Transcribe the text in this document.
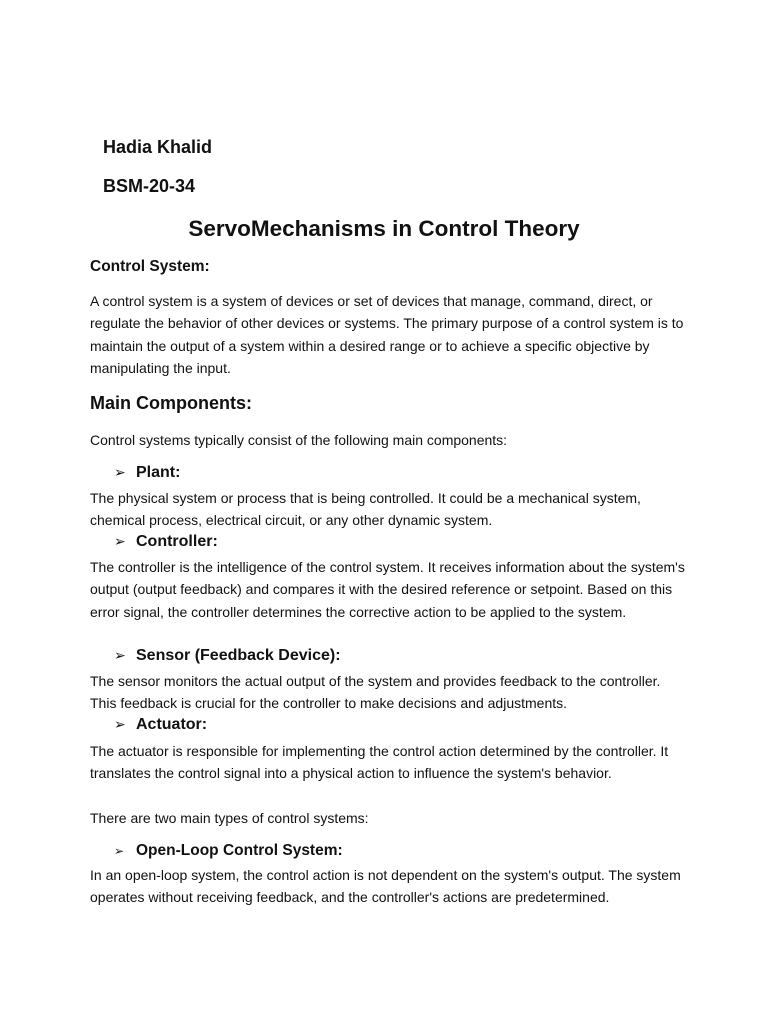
Hadia Khalid

BSM-20-34

ServoMechanisms in Control Theory
Control System:

A control system is a system of devices or set of devices that manage, command, direct, or regulate the behavior of other devices or systems. The primary purpose of a control system is to maintain the output of a system within a desired range or to achieve a specific objective by manipulating the input.

Main Components:

Control systems typically consist of the following main components:

➢ Plant:

The physical system or process that is being controlled. It could be a mechanical system, chemical process, electrical circuit, or any other dynamic system.

➢ Controller:

The controller is the intelligence of the control system. It receives information about the system's output (output feedback) and compares it with the desired reference or setpoint. Based on this error signal, the controller determines the corrective action to be applied to the system.

➢ Sensor (Feedback Device):

The sensor monitors the actual output of the system and provides feedback to the controller. This feedback is crucial for the controller to make decisions and adjustments.

➢ Actuator:

The actuator is responsible for implementing the control action determined by the controller. It translates the control signal into a physical action to influence the system's behavior.

There are two main types of control systems:

➢ Open-Loop Control System:

In an open-loop system, the control action is not dependent on the system's output. The system operates without receiving feedback, and the controller's actions are predetermined.
